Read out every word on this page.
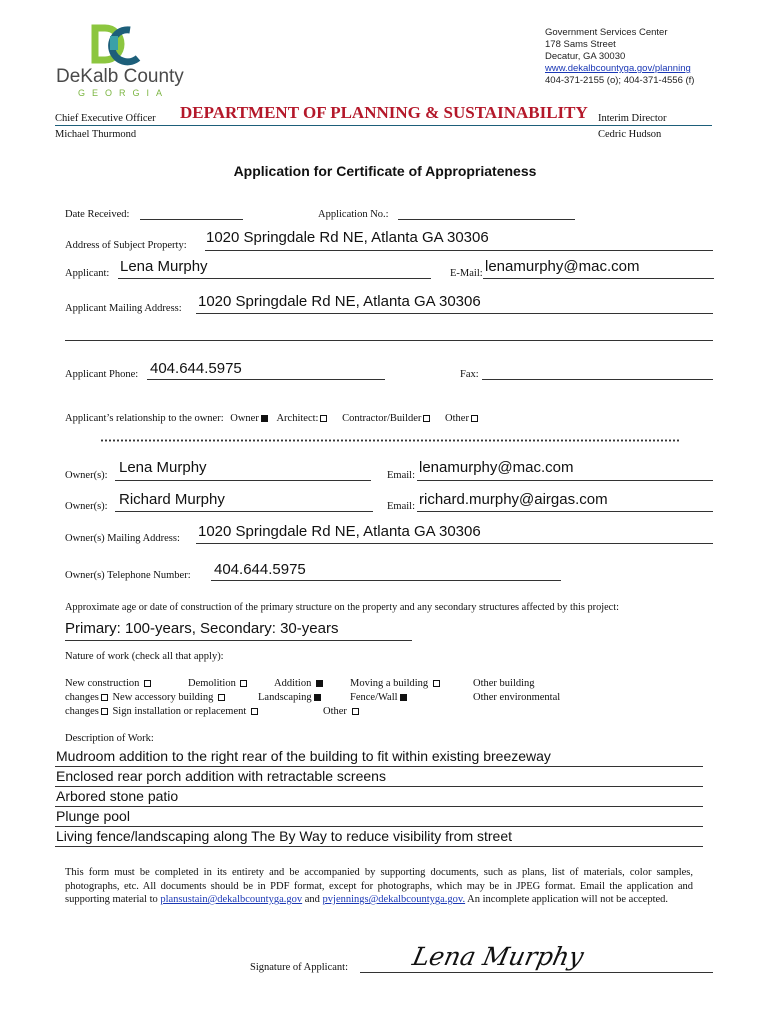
DeKalb County
GEORGIA
Government Services Center
178 Sams Street
Decatur, GA 30030
www.dekalbcountyga.gov/planning
404-371-2155 (o); 404-371-4556 (f)
Chief Executive Officer
Michael Thurmond
DEPARTMENT OF PLANNING & SUSTAINABILITY Interim Director
Cedric Hudson
Application for Certificate of Appropriateness
Date Received:	Application No.:
Address of Subject Property: 1020 Springdale Rd NE, Atlanta GA 30306
Applicant: Lena Murphy	E-Mail: lenamurphy@mac.com
Applicant Mailing Address: 1020 Springdale Rd NE, Atlanta GA 30306
Applicant Phone: 404.644.5975	Fax:
Applicant’s relationship to the owner: Owner Architect: Contractor/Builder Other
Owner(s): Lena Murphy	Email: lenamurphy@mac.com
Owner(s): Richard Murphy	Email: richard.murphy@airgas.com
Owner(s) Mailing Address: 1020 Springdale Rd NE, Atlanta GA 30306
Owner(s) Telephone Number: 404.644.5975
Approximate age or date of construction of the primary structure on the property and any secondary structures affected by this project:
Primary: 100-years, Secondary: 30-years
Nature of work (check all that apply):
New construction	Demolition	Addition	Moving a building	Other building
changes New accessory building	Landscaping	Fence/Wall	Other environmental
changes Sign installation or replacement	Other
Description of Work:
Mudroom addition to the right rear of the building to fit within existing breezeway
Enclosed rear porch addition with retractable screens
Arbored stone patio
Plunge pool
Living fence/landscaping along The By Way to reduce visibility from street
This form must be completed in its entirety and be accompanied by supporting documents, such as plans, list of materials, color samples, photographs, etc. All documents should be in PDF format, except for photographs, which may be in JPEG format. Email the application and supporting material to plansustain@dekalbcountyga.gov and pvjennings@dekalbcountyga.gov. An incomplete application will not be accepted.
Signature of Applicant: Lena Murphy
